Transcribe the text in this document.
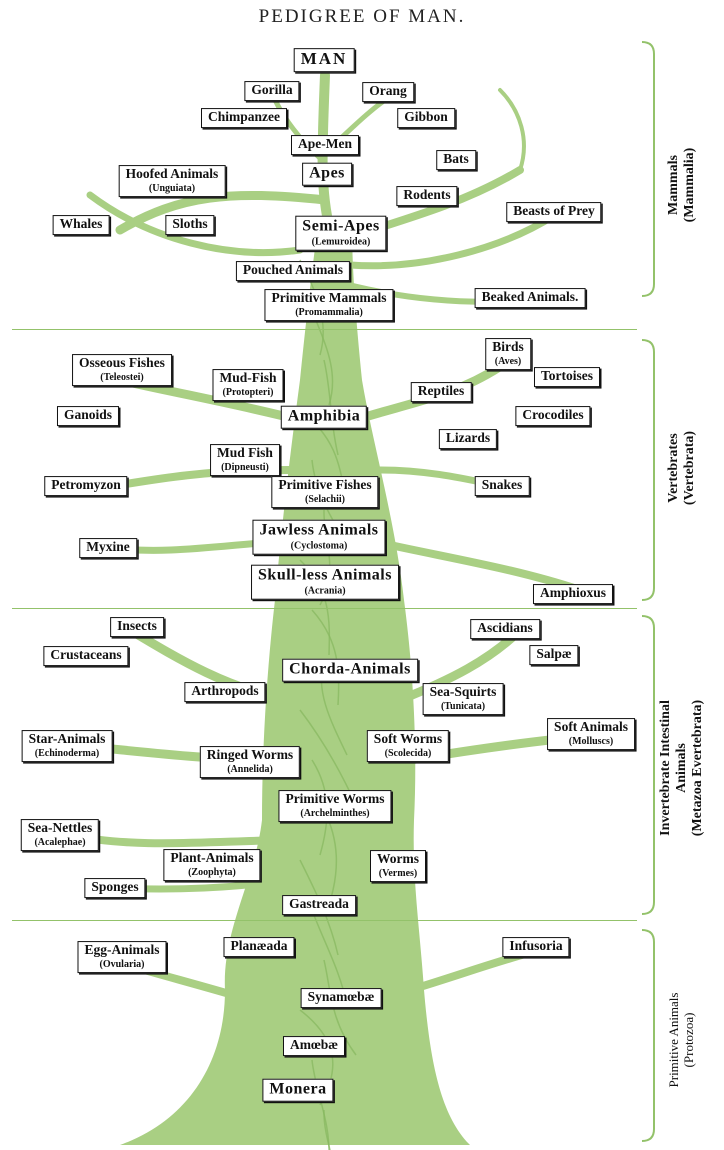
PEDIGREE OF MAN.
Mammals (Mammalia)
Vertebrates (Vertebrata)
Invertebrate Intestinal Animals (Metazoa Evertebrata)
Primitive Animals (Protozoa)
MAN
Gorilla	Orang
Chimpanzee	Gibbon
Ape-Men
Bats
Hoofed Animals
(Unguiata)
Apes
Rodents
Beasts of Prey
Whales	Sloths	Semi-Apes
(Lemuroidea)
Pouched Animals
Primitive Mammals
(Promammalia)
Beaked Animals.
Osseous Fishes
(Teleostei)	Mud-Fish
(Protopteri)
Birds
(Aves)
Tortoises
Reptiles
Ganoids	Amphibia	Crocodiles
Lizards
Mud Fish
(Dipneusti)
Petromyzon	Primitive Fishes
(Selachii)
Snakes
Jawless Animals
(Cyclostoma)
Myxine
Skull-less Animals
(Acrania)	Amphioxus
Insects	Ascidians
Crustaceans	Salpæ
Chorda-Animals
Arthropods	Sea-Squirts
(Tunicata)
Soft Animals
(Molluscs)
Star-Animals
(Echinoderma)
Soft Worms
(Scolecida)
Ringed Worms
(Annelida)
Primitive Worms
(Archelminthes)
Sea-Nettles
(Acalephae)
Plant-Animals
(Zoophyta)
Worms
(Vermes)
Sponges
Gastreada
Egg-Animals
(Ovularia)
Planæada	Infusoria
Synamœbæ
Amœbæ
Monera
